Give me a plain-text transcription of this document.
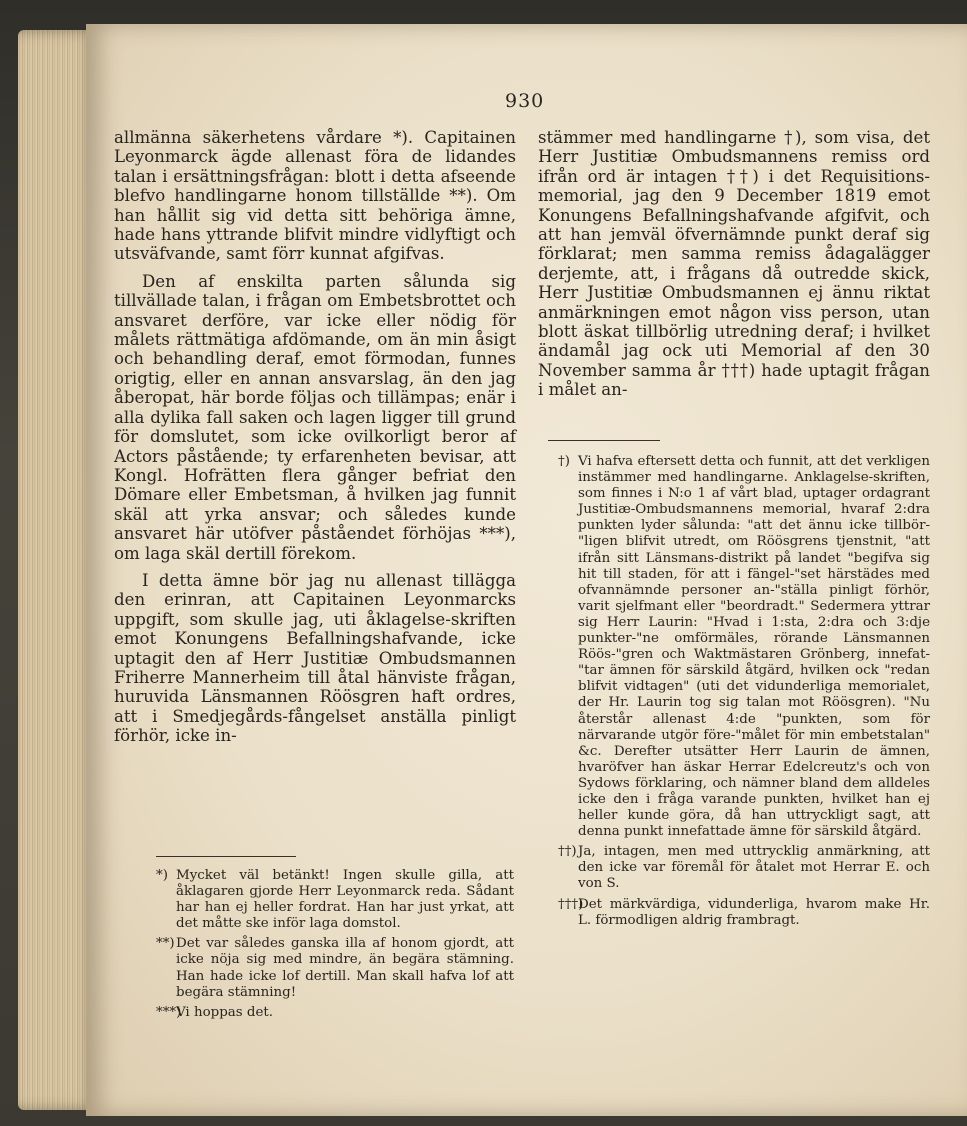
930

allmänna säkerhetens vårdare *). Capitainen Leyonmarck ägde allenast föra de lidandes talan i ersättningsfrågan: blott i detta afseende blefvo handlingarne honom tillställde **). Om han hållit sig vid detta sitt behöriga ämne, hade hans yttrande blifvit mindre vidlyftigt och utsväfvande, samt förr kunnat afgifvas.

Den af enskilta parten sålunda sig tillvällade talan, i frågan om Embetsbrottet och ansvaret derföre, var icke eller nödig för målets rättmätiga afdömande, om än min åsigt och behandling deraf, emot förmodan, funnes origtig, eller en annan ansvarslag, än den jag åberopat, här borde följas och tillämpas; enär i alla dylika fall saken och lagen ligger till grund för domslutet, som icke ovilkorligt beror af Actors påstående; ty erfarenheten bevisar, att Kongl. Hofrätten flera gånger befriat den Dömare eller Embetsman, å hvilken jag funnit skäl att yrka ansvar; och således kunde ansvaret här utöfver påståendet förhöjas ***), om laga skäl dertill förekom.

I detta ämne bör jag nu allenast tillägga den erinran, att Capitainen Leyonmarcks uppgift, som skulle jag, uti åklagelse-skriften emot Konungens Befallningshafvande, icke uptagit den af Herr Justitiæ Ombudsmannen Friherre Mannerheim till åtal hänviste frågan, huruvida Länsmannen Röösgren haft ordres, att i Smedjegårds-fångelset anställa pinligt förhör, icke in-

*) Mycket väl betänkt! Ingen skulle gilla, att åklagaren gjorde Herr Leyonmarck reda. Sådant har han ej heller fordrat. Han har just yrkat, att det måtte ske inför laga domstol.

**)Det var således ganska illa af honom gjordt, att icke nöja sig med mindre, än begära stämning. Han hade icke lof dertill. Man skall hafva lof att begära stämning!

***)Vi hoppas det.

stämmer med handlingarne †), som visa, det Herr Justitiæ Ombudsmannens remiss ord ifrån ord är intagen ††) i det Requisitions-memorial, jag den 9 December 1819 emot Konungens Befallningshafvande afgifvit, och att han jemväl öfvernämnde punkt deraf sig förklarat; men samma remiss ådagalägger derjemte, att, i frågans då outredde skick, Herr Justitiæ Ombudsmannen ej ännu riktat anmärkningen emot någon viss person, utan blott äskat tillbörlig utredning deraf; i hvilket ändamål jag ock uti Memorial af den 30 November samma år †††) hade uptagit frågan i målet an-

†) Vi hafva eftersett detta och funnit, att det verkligen instämmer med handlingarne. Anklagelse-skriften, som finnes i N:o 1 af vårt blad, uptager ordagrant Justitiæ-Ombudsmannens memorial, hvaraf 2:dra punkten lyder sålunda: "att det ännu icke tillbör-"ligen blifvit utredt, om Röösgrens tjenstnit, "att ifrån sitt Länsmans-distrikt på landet "begifva sig hit till staden, för att i fängel-"set härstädes med ofvannämnde personer an-"ställa pinligt förhör, varit sjelfmant eller "beordradt." Sedermera yttrar sig Herr Laurin: "Hvad i 1:sta, 2:dra och 3:dje punkter-"ne omförmäles, rörande Länsmannen Röös-"gren och Waktmästaren Grönberg, innefat-"tar ämnen för särskild åtgärd, hvilken ock "redan blifvit vidtagen" (uti det vidunderliga memorialet, der Hr. Laurin tog sig talan mot Röösgren). "Nu återstår allenast 4:de "punkten, som för närvarande utgör före-"målet för min embetstalan" &c. Derefter utsätter Herr Laurin de ämnen, hvaröfver han äskar Herrar Edelcreutz's och von Sydows förklaring, och nämner bland dem alldeles icke den i fråga varande punkten, hvilket han ej heller kunde göra, då han uttryckligt sagt, att denna punkt innefattade ämne för särskild åtgärd.

††)Ja, intagen, men med uttrycklig anmärkning, att den icke var föremål för åtalet mot Herrar E. och von S.

†††)Det märkvärdiga, vidunderliga, hvarom make Hr. L. förmodligen aldrig frambragt.
